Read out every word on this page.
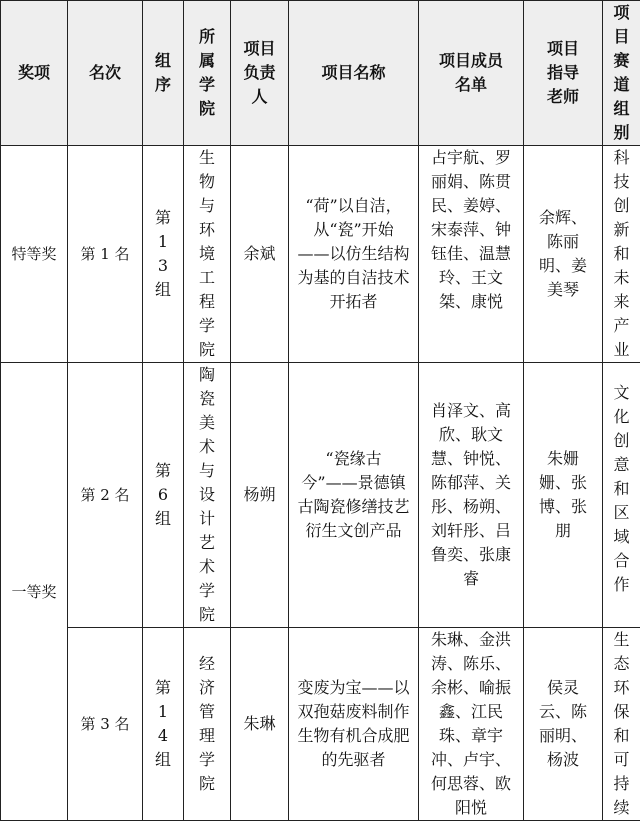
奖项	名次	组序	所属学院	项目负责人	项目名称	项目成员名单	项目指导老师	项目赛道组别

特等奖	第 1 名	第13组	生物与环境工程学院	余斌	“荷”以自洁，从“瓷”开始——以仿生结构为基的自洁技术开拓者	占宇航、罗丽娟、陈贯民、姜婷、宋泰萍、钟钰佳、温慧玲、王文桀、康悦	余辉、陈丽明、姜美琴	科技创新和未来产业

一等奖	第 2 名	第6组	陶瓷美术与设计艺术学院	杨朔	“瓷缘古今”——景德镇古陶瓷修缮技艺衍生文创产品	肖泽文、高欣、耿文慧、钟悦、陈郁萍、关彤、杨朔、刘轩彤、吕鲁奕、张康睿	朱姗姗、张博、张朋	文化创意和区域合作

	第 3 名	第14组	经济管理学院	朱琳	变废为宝——以双孢菇废料制作生物有机合成肥的先驱者	朱琳、金洪涛、陈乐、余彬、喻振鑫、江民珠、章宇冲、卢宇、何思蓉、欧阳悦	侯灵云、陈丽明、杨波	生态环保和可持续
